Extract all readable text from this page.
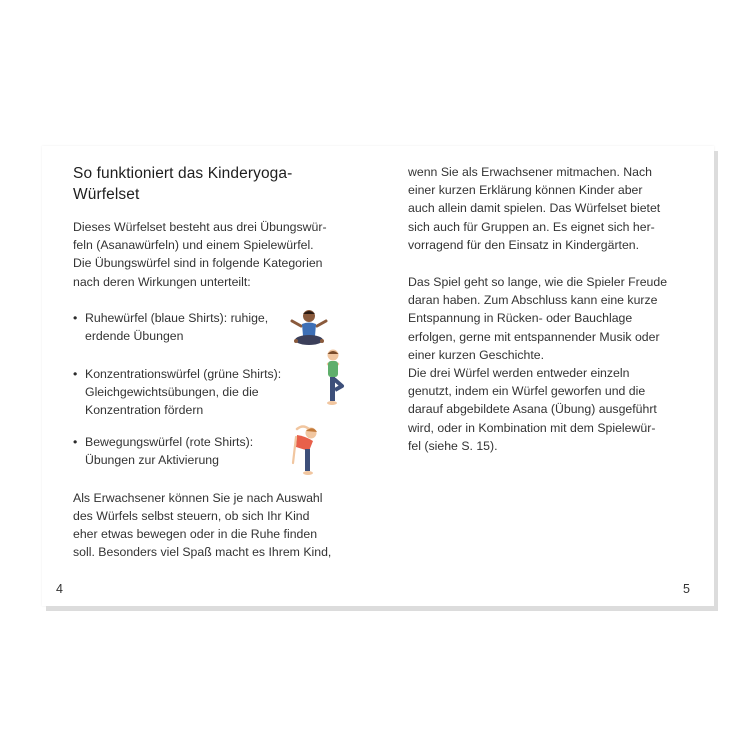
So funktioniert das Kinderyoga-
Würfelset

Dieses Würfelset besteht aus drei Übungswür-

feln (Asanawürfeln) und einem Spielewürfel.

Die Übungswürfel sind in folgende Kategorien

nach deren Wirkungen unterteilt:

• Ruhewürfel (blaue Shirts): ruhige,
erdende Übungen
• Konzentrationswürfel (grüne Shirts):
Gleichgewichtsübungen, die die
Konzentration fördern
• Bewegungswürfel (rote Shirts):
Übungen zur Aktivierung

Als Erwachsener können Sie je nach Auswahl

des Würfels selbst steuern, ob sich Ihr Kind

eher etwas bewegen oder in die Ruhe finden

soll. Besonders viel Spaß macht es Ihrem Kind,

4

wenn Sie als Erwachsener mitmachen. Nach

einer kurzen Erklärung können Kinder aber

auch allein damit spielen. Das Würfelset bietet

sich auch für Gruppen an. Es eignet sich her-

vorragend für den Einsatz in Kindergärten.

Das Spiel geht so lange, wie die Spieler Freude

daran haben. Zum Abschluss kann eine kurze

Entspannung in Rücken- oder Bauchlage

erfolgen, gerne mit entspannender Musik oder

einer kurzen Geschichte.

Die drei Würfel werden entweder einzeln

genutzt, indem ein Würfel geworfen und die

darauf abgebildete Asana (Übung) ausgeführt

wird, oder in Kombination mit dem Spielewür-

fel (siehe S. 15).

5
